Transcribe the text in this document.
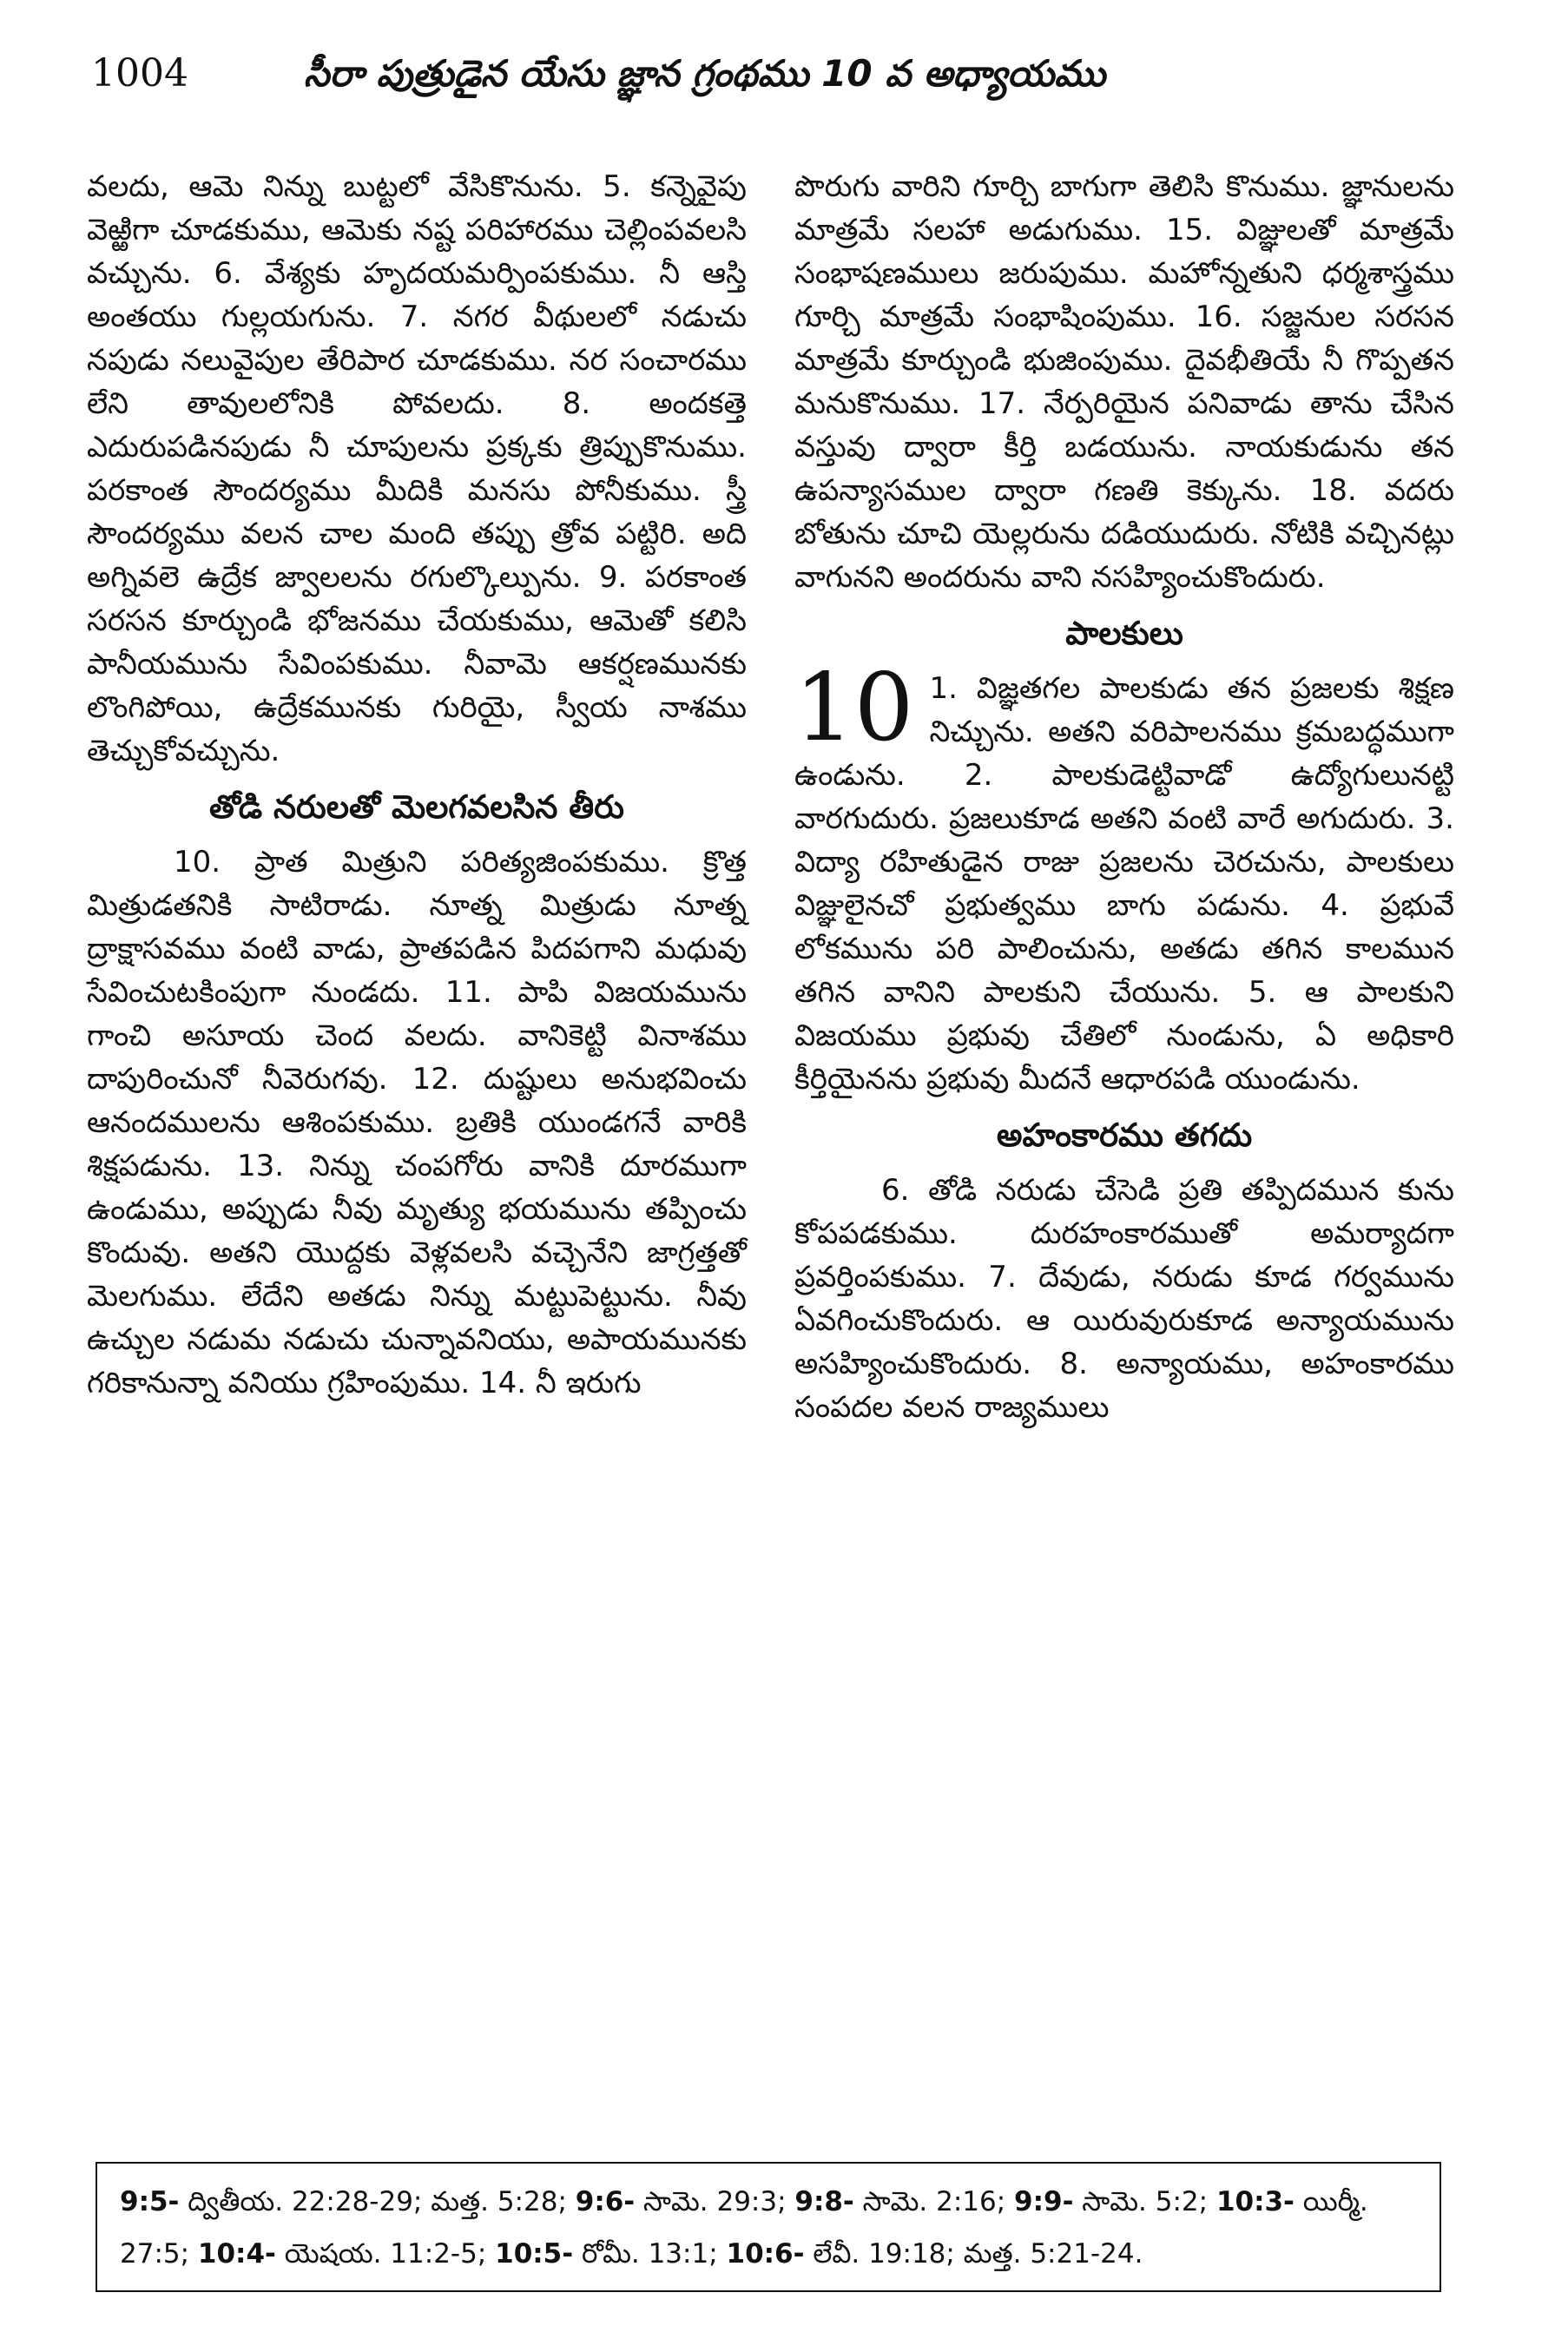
1004	సీరా పుత్రుడైన యేసు జ్ఞాన గ్రంథము 10 వ అధ్యాయము

వలదు, ఆమె నిన్ను బుట్టలో వేసికొనును. 5. కన్నెవైపు వెఱ్ఱిగా చూడకుము, ఆమెకు నష్ట పరిహారము చెల్లింపవలసి వచ్చును. 6. వేశ్యకు హృదయమర్పింపకుము. నీ ఆస్తి అంతయు గుల్లయగును. 7. నగర వీథులలో నడుచు నపుడు నలువైపుల తేరిపార చూడకుము. నర సంచారము లేని తావులలోనికి పోవలదు. 8. అందకత్తె ఎదురుపడినపుడు నీ చూపులను ప్రక్కకు త్రిప్పుకొనుము. పరకాంత సౌందర్యము మీదికి మనసు పోనీకుము. స్త్రీ సౌందర్యము వలన చాల మంది తప్పు త్రోవ పట్టిరి. అది అగ్నివలె ఉద్రేక జ్వాలలను రగుల్కొల్పును. 9. పరకాంత సరసన కూర్చుండి భోజనము చేయకుము, ఆమెతో కలిసి పానీయమును సేవింపకుము. నీవామె ఆకర్షణమునకు లొంగిపోయి, ఉద్రేకమునకు గురియై, స్వీయ నాశము తెచ్చుకోవచ్చును.

తోడి నరులతో మెలగవలసిన తీరు

10. ప్రాత మిత్రుని పరిత్యజింపకుము. క్రొత్త మిత్రుడతనికి సాటిరాడు. నూత్న మిత్రుడు నూత్న ద్రాక్షాసవము వంటి వాడు, ప్రాతపడిన పిదపగాని మధువు సేవించుటకింపుగా నుండదు. 11. పాపి విజయమును గాంచి అసూయ చెంద వలదు. వానికెట్టి వినాశము దాపురించునో నీవెరుగవు. 12. దుష్టులు అనుభవించు ఆనందములను ఆశింపకుము. బ్రతికి యుండగనే వారికి శిక్షపడును. 13. నిన్ను చంపగోరు వానికి దూరముగా ఉండుము, అప్పుడు నీవు మృత్యు భయమును తప్పించు కొందువు. అతని యొద్దకు వెళ్లవలసి వచ్చెనేని జాగ్రత్తతో మెలగుము. లేదేని అతడు నిన్ను మట్టుపెట్టును. నీవు ఉచ్చుల నడుమ నడుచు చున్నావనియు, అపాయమునకు గరికానున్నా వనియు గ్రహింపుము. 14. నీ ఇరుగు

పొరుగు వారిని గూర్చి బాగుగా తెలిసి కొనుము. జ్ఞానులను మాత్రమే సలహా అడుగుము. 15. విజ్ఞులతో మాత్రమే సంభాషణములు జరుపుము. మహోన్నతుని ధర్మశాస్త్రము గూర్చి మాత్రమే సంభాషింపుము. 16. సజ్జనుల సరసన మాత్రమే కూర్చుండి భుజింపుము. దైవభీతియే నీ గొప్పతన మనుకొనుము. 17. నేర్పరియైన పనివాడు తాను చేసిన వస్తువు ద్వారా కీర్తి బడయును. నాయకుడును తన ఉపన్యాసముల ద్వారా గణతి కెక్కును. 18. వదరు బోతును చూచి యెల్లరును దడియుదురు. నోటికి వచ్చినట్లు వాగునని అందరును వాని నసహ్యించుకొందురు.

పాలకులు
10 1. విజ్ఞతగల పాలకుడు తన ప్రజలకు శిక్షణ నిచ్చును. అతని వరిపాలనము క్రమబద్ధముగా ఉండును. 2. పాలకుడెట్టివాడో ఉద్యోగులునట్టి వారగుదురు. ప్రజలుకూడ అతని వంటి వారే అగుదురు. 3. విద్యా రహితుడైన రాజు ప్రజలను చెరచును, పాలకులు విజ్ఞులైనచో ప్రభుత్వము బాగు పడును. 4. ప్రభువే లోకమును పరి పాలించును, అతడు తగిన కాలమున తగిన వానిని పాలకుని చేయును. 5. ఆ పాలకుని విజయము ప్రభువు చేతిలో నుండును, ఏ అధికారి కీర్తియైనను ప్రభువు మీదనే ఆధారపడి యుండును.

అహంకారము తగదు

6. తోడి నరుడు చేసెడి ప్రతి తప్పిదమున కును కోపపడకుము. దురహంకారముతో అమర్యాదగా ప్రవర్తింపకుము. 7. దేవుడు, నరుడు కూడ గర్వమును ఏవగించుకొందురు. ఆ యిరువురుకూడ అన్యాయమును అసహ్యించుకొందురు. 8. అన్యాయము, అహంకారము సంపదల వలన రాజ్యములు

9:5- ద్వితీయ. 22:28-29; మత్త. 5:28; 9:6- సామె. 29:3; 9:8- సామె. 2:16; 9:9- సామె. 5:2; 10:3- యిర్మీ. 27:5; 10:4- యెషయ. 11:2-5; 10:5- రోమీ. 13:1; 10:6- లేవీ. 19:18; మత్త. 5:21-24.
